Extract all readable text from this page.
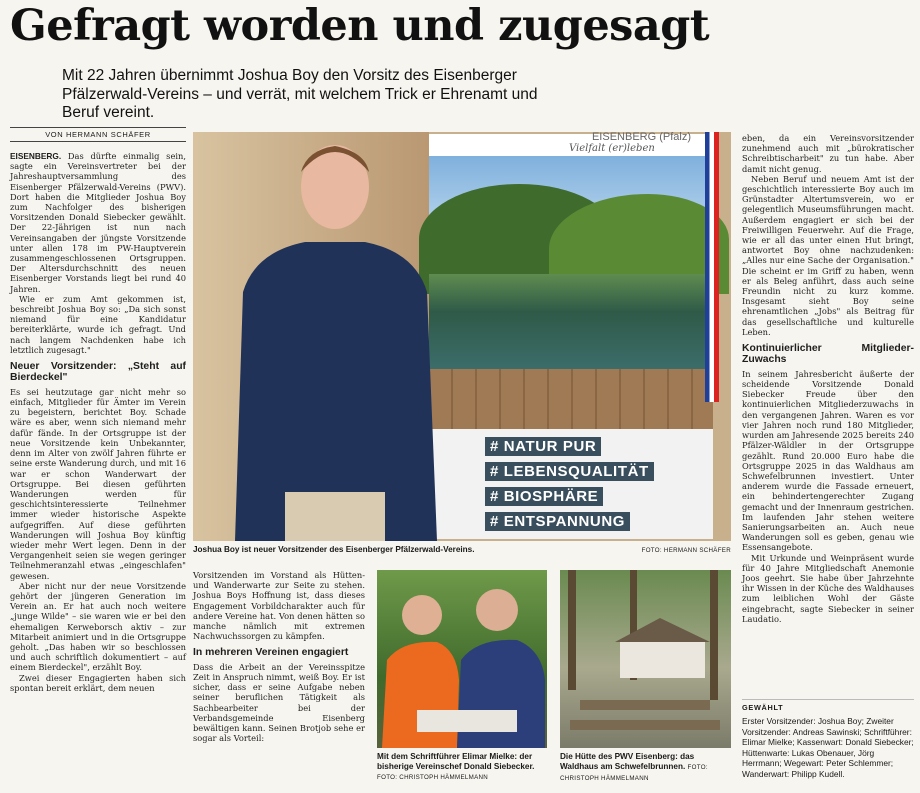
Gefragt worden und zugesagt
Mit 22 Jahren übernimmt Joshua Boy den Vorsitz des Eisenberger Pfälzerwald-Vereins – und verrät, mit welchem Trick er Ehrenamt und Beruf vereint.
VON HERMANN SCHÄFER

EISENBERG. Das dürfte einmalig sein, sagte ein Vereinsvertreter bei der Jahreshauptversammlung des Eisenberger Pfälzerwald-Vereins (PWV). Dort haben die Mitglieder Joshua Boy zum Nachfolger des bisherigen Vorsitzenden Donald Siebecker gewählt. Der 22-Jährigen ist nun nach Vereinsangaben der jüngste Vorsitzende unter allen 178 im PW-Hauptverein zusammengeschlossenen Ortsgruppen. Der Altersdurchschnitt des neuen Eisenberger Vorstands liegt bei rund 40 Jahren.

Wie er zum Amt gekommen ist, beschreibt Joshua Boy so: „Da sich sonst niemand für eine Kandidatur bereiterklärte, wurde ich gefragt. Und nach langem Nachdenken habe ich letztlich zugesagt."

Neuer Vorsitzender: „Steht auf Bierdeckel"

Es sei heutzutage gar nicht mehr so einfach, Mitglieder für Ämter im Verein zu begeistern, berichtet Boy. Schade wäre es aber, wenn sich niemand mehr dafür fände. In der Ortsgruppe ist der neue Vorsitzende kein Unbekannter, denn im Alter von zwölf Jahren führte er seine erste Wanderung durch, und mit 16 war er schon Wanderwart der Ortsgruppe. Bei diesen geführten Wanderungen werden für geschichtsinteressierte Teilnehmer immer wieder historische Aspekte aufgegriffen. Auf diese geführten Wanderungen will Joshua Boy künftig wieder mehr Wert legen. Denn in der Vergangenheit seien sie wegen geringer Teilnehmeranzahl etwas „eingeschlafen" gewesen.

Aber nicht nur der neue Vorsitzende gehört der jüngeren Generation im Verein an. Er hat auch noch weitere „junge Wilde" – sie waren wie er bei den ehemaligen Kerweborsch aktiv – zur Mitarbeit animiert und in die Ortsgruppe geholt. „Das haben wir so beschlossen und auch schriftlich dokumentiert – auf einem Bierdeckel", erzählt Boy.

Zwei dieser Engagierten haben sich spontan bereit erklärt, dem neuen

EISENBERG (Pfalz)
Vielfalt (er)leben
# NATUR PUR
# LEBENSQUALITÄT
# BIOSPHÄRE
# ENTSPANNUNG
Joshua Boy ist neuer Vorsitzender des Eisenberger Pfälzerwald-Vereins.	FOTO: HERMANN SCHÄFER

Vorsitzenden im Vorstand als Hütten- und Wanderwarte zur Seite zu stehen. Joshua Boys Hoffnung ist, dass dieses Engagement Vorbildcharakter auch für andere Vereine hat. Von denen hätten so manche nämlich mit extremen Nachwuchssorgen zu kämpfen.

In mehreren Vereinen engagiert

Dass die Arbeit an der Vereinsspitze Zeit in Anspruch nimmt, weiß Boy. Er ist sicher, dass er seine Aufgabe neben seiner beruflichen Tätigkeit als Sachbearbeiter bei der Verbandsgemeinde Eisenberg bewältigen kann. Seinen Brotjob sehe er sogar als Vorteil:

Mit dem Schriftführer Elimar Mielke: der bisherige Vereinschef Donald Siebecker. FOTO: CHRISTOPH HÄMMELMANN
Die Hütte des PWV Eisenberg: das Waldhaus am Schwefelbrunnen. FOTO: CHRISTOPH HÄMMELMANN

eben, da ein Vereinsvorsitzender zunehmend auch mit „bürokratischer Schreibtischarbeit" zu tun habe. Aber damit nicht genug.

Neben Beruf und neuem Amt ist der geschichtlich interessierte Boy auch im Grünstadter Altertumsverein, wo er gelegentlich Museumsführungen macht. Außerdem engagiert er sich bei der Freiwilligen Feuerwehr. Auf die Frage, wie er all das unter einen Hut bringt, antwortet Boy ohne nachzudenken: „Alles nur eine Sache der Organisation." Die scheint er im Griff zu haben, wenn er als Beleg anführt, dass auch seine Freundin nicht zu kurz komme. Insgesamt sieht Boy seine ehrenamtlichen „Jobs" als Beitrag für das gesellschaftliche und kulturelle Leben.

Kontinuierlicher Mitglieder-Zuwachs

In seinem Jahresbericht äußerte der scheidende Vorsitzende Donald Siebecker Freude über den kontinuierlichen Mitgliederzuwachs in den vergangenen Jahren. Waren es vor vier Jahren noch rund 180 Mitglieder, wurden am Jahresende 2025 bereits 240 Pfälzer-Wäldler in der Ortsgruppe gezählt. Rund 20.000 Euro habe die Ortsgruppe 2025 in das Waldhaus am Schwefelbrunnen investiert. Unter anderem wurde die Fassade erneuert, ein behindertengerechter Zugang gemacht und der Innenraum gestrichen. Im laufenden Jahr stehen weitere Sanierungsarbeiten an. Auch neue Wanderungen soll es geben, genau wie Essensangebote.

Mit Urkunde und Weinpräsent wurde für 40 Jahre Mitgliedschaft Anemonie Joos geehrt. Sie habe über Jahrzehnte ihr Wissen in der Küche des Waldhauses zum leiblichen Wohl der Gäste eingebracht, sagte Siebecker in seiner Laudatio.

GEWÄHLT
Erster Vorsitzender: Joshua Boy; Zweiter Vorsitzender: Andreas Sawinski; Schriftführer: Elimar Mielke; Kassenwart: Donald Siebecker; Hüttenwarte: Lukas Obenauer, Jörg Herrmann; Wegewart: Peter Schlemmer; Wanderwart: Philipp Kudell.
